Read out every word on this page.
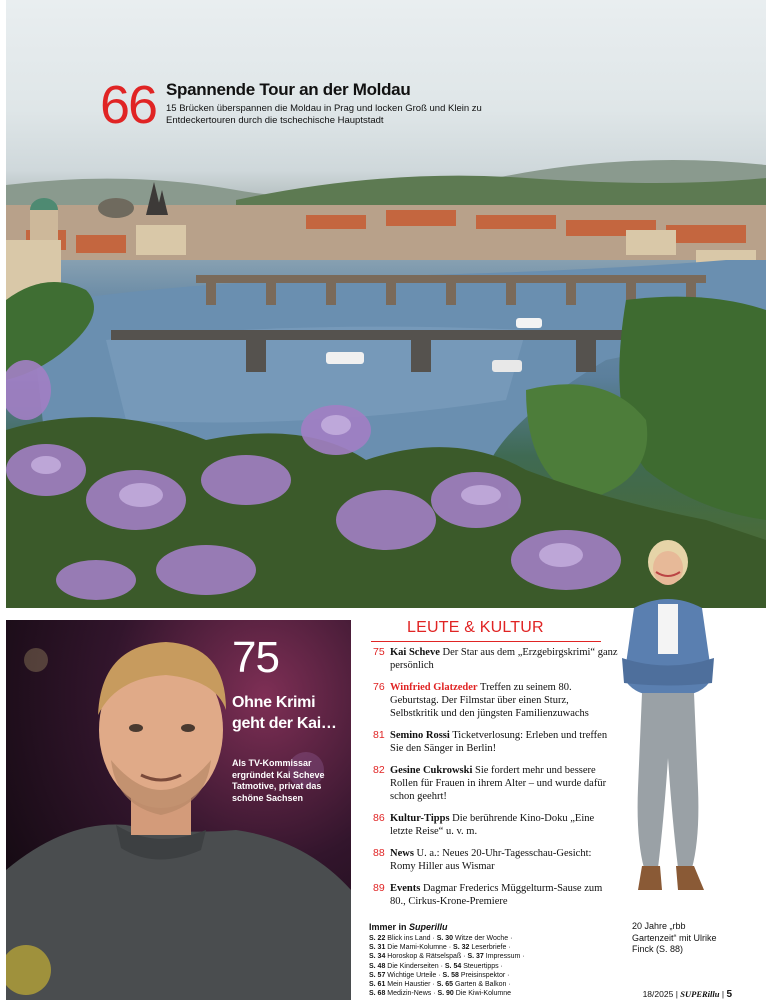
66 Spannende Tour an der Moldau
15 Brücken überspannen die Moldau in Prag und locken Groß und Klein zu Entdeckertouren durch die tschechische Hauptstadt
75
Ohne Krimi geht der Kai…
Als TV-Kommissar ergründet Kai Scheve Tatmotive, privat das schöne Sachsen
LEUTE & KULTUR
75 Kai Scheve Der Star aus dem „Erzgebirgskrimi“ ganz persönlich
76 Winfried Glatzeder Treffen zu seinem 80. Geburtstag. Der Filmstar über einen Sturz, Selbstkritik und den jüngsten Familienzuwachs
81 Semino Rossi Ticketverlosung: Erleben und treffen Sie den Sänger in Berlin!
82 Gesine Cukrowski Sie fordert mehr und bessere Rollen für Frauen in ihrem Alter – und wurde dafür schon geehrt!
86 Kultur-Tipps Die berührende Kino-Doku „Eine letzte Reise“ u. v. m.
88 News U. a.: Neues 20-Uhr-Tagesschau-Gesicht: Romy Hiller aus Wismar
89 Events Dagmar Frederics Müggelturm-Sause zum 80., Cirkus-Krone-Premiere
Immer in Superillu
S. 22 Blick ins Land · S. 30 Witze der Woche ·
S. 31 Die Mami-Kolumne · S. 32 Leserbriefe ·
S. 34 Horoskop & Rätselspaß · S. 37 Impressum ·
S. 48 Die Kinderseiten · S. 54 Steuertipps ·
S. 57 Wichtige Urteile · S. 58 Preisinspektor ·
S. 61 Mein Haustier · S. 65 Garten & Balkon ·
S. 68 Medizin-News · S. 90 Die Kiwi-Kolumne
20 Jahre „rbb Gartenzeit“ mit Ulrike Finck (S. 88)
18/2025 | SUPERillu | 5
